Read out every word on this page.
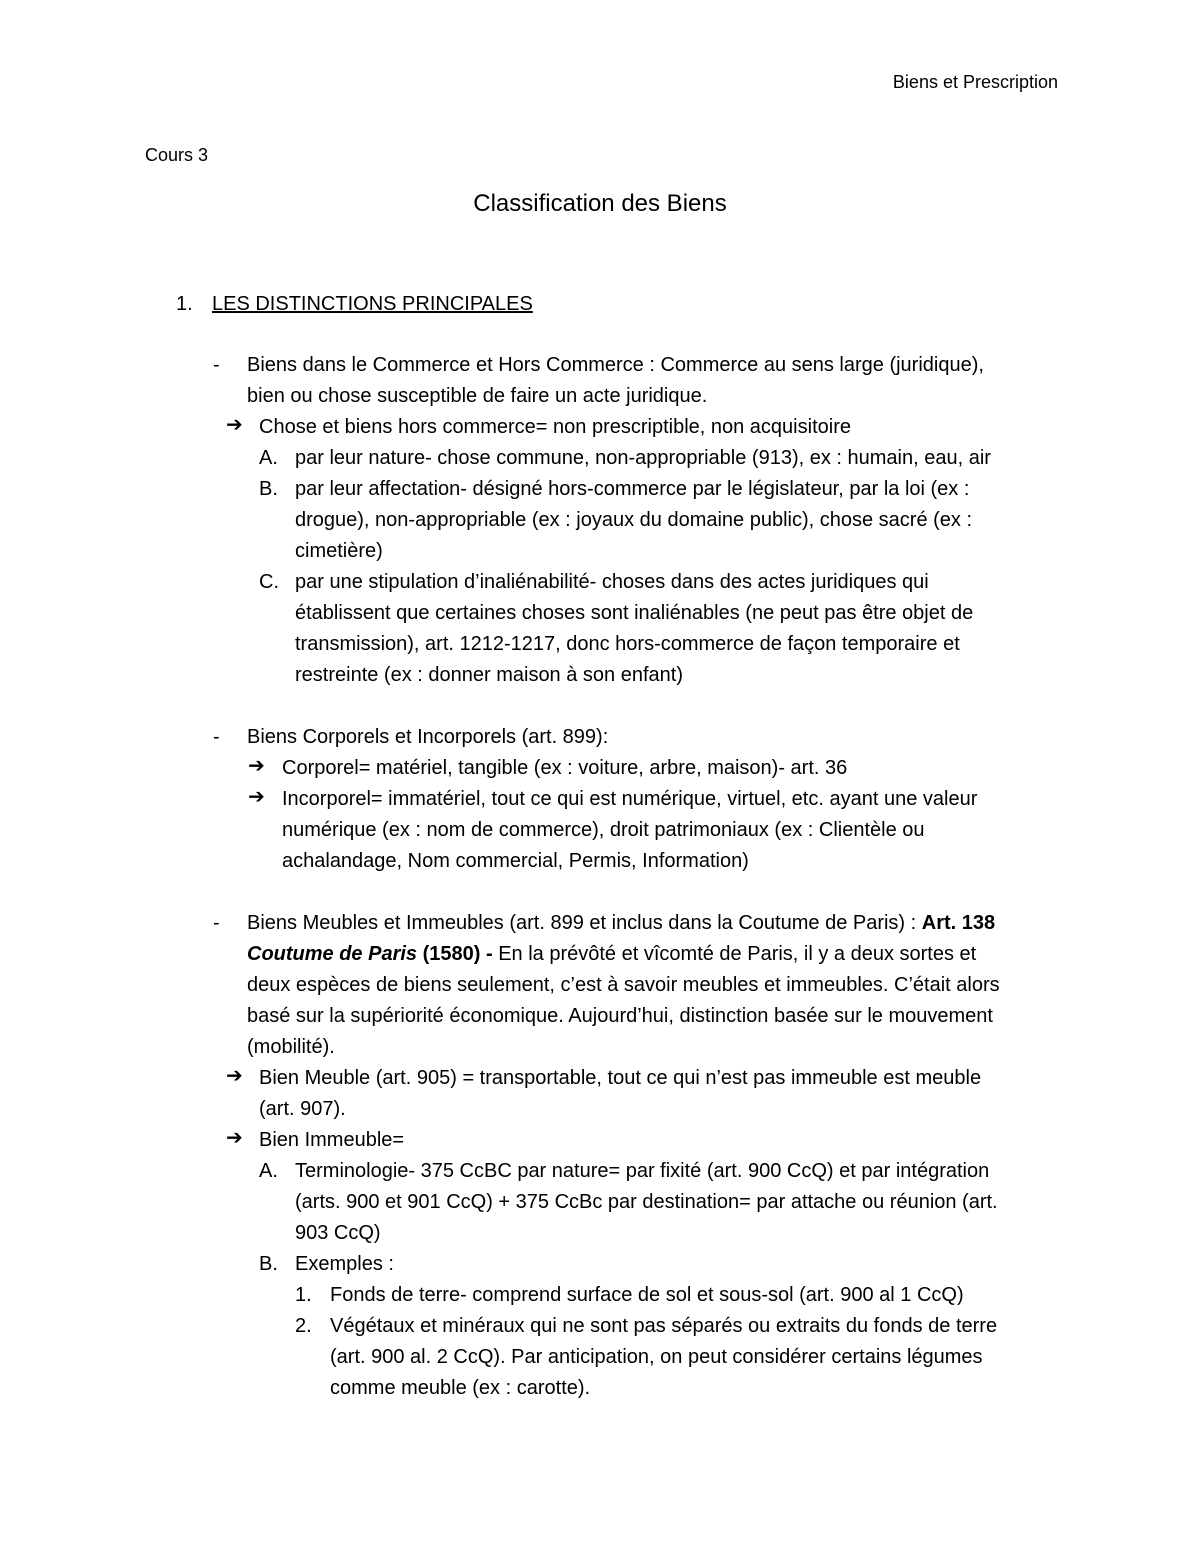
Biens et Prescription
Cours 3
Classification des Biens
1. LES DISTINCTIONS PRINCIPALES
- Biens dans le Commerce et Hors Commerce : Commerce au sens large (juridique),
bien ou chose susceptible de faire un acte juridique.
➔ Chose et biens hors commerce= non prescriptible, non acquisitoire
A. par leur nature- chose commune, non-appropriable (913), ex : humain, eau, air
B. par leur affectation- désigné hors-commerce par le législateur, par la loi (ex :
drogue), non-appropriable (ex : joyaux du domaine public), chose sacré (ex :
cimetière)
C. par une stipulation d’inaliénabilité- choses dans des actes juridiques qui
établissent que certaines choses sont inaliénables (ne peut pas être objet de
transmission), art. 1212-1217, donc hors-commerce de façon temporaire et
restreinte (ex : donner maison à son enfant)
- Biens Corporels et Incorporels (art. 899):
➔ Corporel= matériel, tangible (ex : voiture, arbre, maison)- art. 36
➔ Incorporel= immatériel, tout ce qui est numérique, virtuel, etc. ayant une valeur
numérique (ex : nom de commerce), droit patrimoniaux (ex : Clientèle ou
achalandage, Nom commercial, Permis, Information)
- Biens Meubles et Immeubles (art. 899 et inclus dans la Coutume de Paris) : Art. 138
Coutume de Paris (1580) - En la prévôté et vîcomté de Paris, il y a deux sortes et
deux espèces de biens seulement, c’est à savoir meubles et immeubles. C’était alors
basé sur la supériorité économique. Aujourd’hui, distinction basée sur le mouvement
(mobilité).
➔ Bien Meuble (art. 905) = transportable, tout ce qui n’est pas immeuble est meuble
(art. 907).
➔ Bien Immeuble=
A. Terminologie- 375 CcBC par nature= par fixité (art. 900 CcQ) et par intégration
(arts. 900 et 901 CcQ) + 375 CcBc par destination= par attache ou réunion (art.
903 CcQ)
B. Exemples :
1. Fonds de terre- comprend surface de sol et sous-sol (art. 900 al 1 CcQ)
2. Végétaux et minéraux qui ne sont pas séparés ou extraits du fonds de terre
(art. 900 al. 2 CcQ). Par anticipation, on peut considérer certains légumes
comme meuble (ex : carotte).
